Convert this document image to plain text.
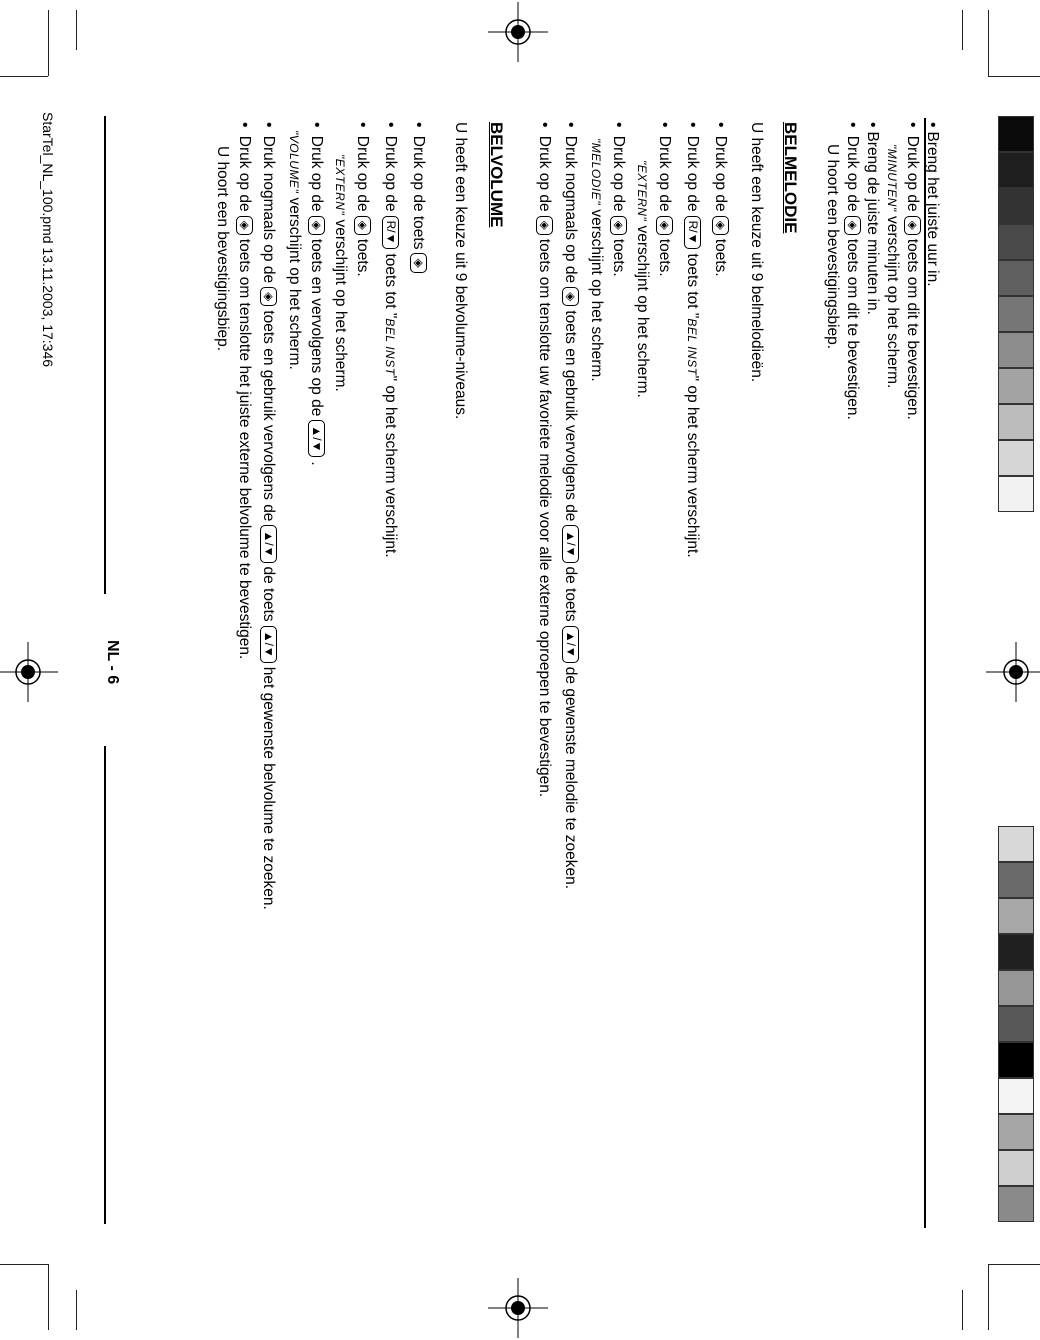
• Breng het juiste uur in.
• Druk op de◈toets om dit te bevestigen.
"MINUTEN" verschijnt op het scherm.
• Breng de juiste minuten in.
• Druk op de◈toets om dit te bevestigen.
U hoort een bevestigingsbiep.
BELMELODIE
U heeft een keuze uit 9 belmelodieën.
• Druk op de◈toets.
• Druk op deR/▼toets tot "BEL INST" op het scherm verschijnt.
• Druk op de◈toets.
"EXTERN" verschijnt op het scherm.
• Druk op de◈toets.
"MELODIE" verschijnt op het scherm.
• Druk nogmaals op de◈toets en gebruik vervolgens de▲/▼de toets▲/▼de gewenste melodie te zoeken.
• Druk op de◈toets om tenslotte uw favoriete melodie voor alle externe oproepen te bevestigen.
BELVOLUME
U heeft een keuze uit 9 belvolume-niveaus.
• Druk op de toets◈
• Druk op deR/▼toets tot "BEL INST" op het scherm verschijnt.
• Druk op de◈toets.
"EXTERN" verschijnt op het scherm.
• Druk op de◈toets en vervolgens op de▲/▼.
"VOLUME" verschijnt op het scherm.
• Druk nogmaals op de◈toets en gebruik vervolgens de▲/▼de toets▲/▼het gewenste belvolume te zoeken.
• Druk op de◈toets om tenslotte het juiste externe belvolume te bevestigen.
U hoort een bevestigingsbiep.
NL - 6
StarTel_NL_100.pmd 13.11.2003, 17:346
